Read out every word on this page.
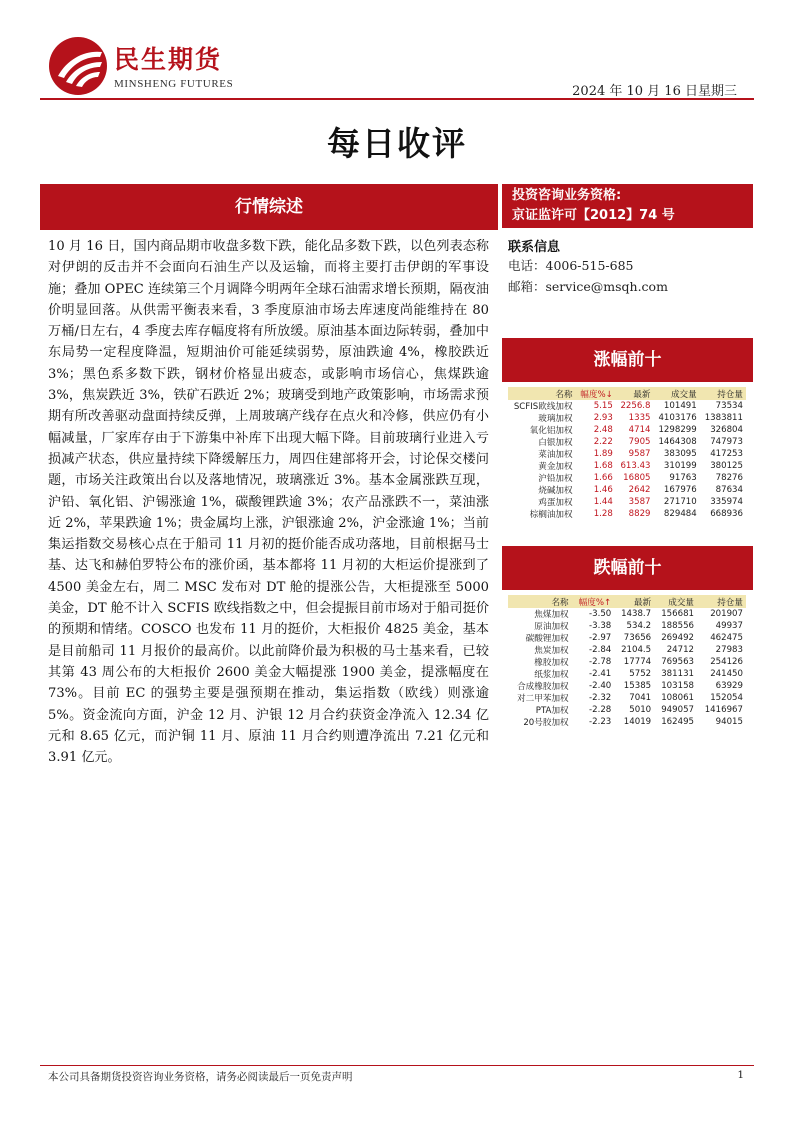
民生期货
MINSHENG FUTURES	2024 年 10 月 16 日星期三
每日收评
行情综述
10 月 16 日，国内商品期市收盘多数下跌，能化品多数下跌，以色列表态称对伊朗的反击并不会面向石油生产以及运输，而将主要打击伊朗的军事设施；叠加 OPEC 连续第三个月调降今明两年全球石油需求增长预期，隔夜油价明显回落。从供需平衡表来看，3 季度原油市场去库速度尚能维持在 80 万桶/日左右，4 季度去库存幅度将有所放缓。原油基本面边际转弱，叠加中东局势一定程度降温，短期油价可能延续弱势，原油跌逾 4%，橡胶跌近 3%；黑色系多数下跌，钢材价格显出疲态，或影响市场信心，焦煤跌逾 3%，焦炭跌近 3%，铁矿石跌近 2%；玻璃受到地产政策影响，市场需求预期有所改善驱动盘面持续反弹，上周玻璃产线存在点火和冷修，供应仍有小幅减量，厂家库存由于下游集中补库下出现大幅下降。目前玻璃行业进入亏损减产状态，供应量持续下降缓解压力，周四住建部将开会，讨论保交楼问题，市场关注政策出台以及落地情况，玻璃涨近 3%。基本金属涨跌互现，沪铅、氧化铝、沪锡涨逾 1%，碳酸锂跌逾 3%；农产品涨跌不一，菜油涨近 2%，苹果跌逾 1%；贵金属均上涨，沪银涨逾 2%，沪金涨逾 1%；当前集运指数交易核心点在于船司 11 月初的挺价能否成功落地，目前根据马士基、达飞和赫伯罗特公布的涨价函，基本都将 11 月初的大柜运价提涨到了 4500 美金左右，周二 MSC 发布对 DT 舱的提涨公告，大柜提涨至 5000 美金，DT 舱不计入 SCFIS 欧线指数之中，但会提振目前市场对于船司挺价的预期和情绪。COSCO 也发布 11 月的挺价，大柜报价 4825 美金，基本是目前船司 11 月报价的最高价。以此前降价最为积极的马士基来看，已较其第 43 周公布的大柜报价 2600 美金大幅提涨 1900 美金，提涨幅度在 73%。目前 EC 的强势主要是强预期在推动，集运指数（欧线）则涨逾 5%。资金流向方面，沪金 12 月、沪银 12 月合约获资金净流入 12.34 亿元和 8.65 亿元，而沪铜 11 月、原油 11 月合约则遭净流出 7.21 亿元和 3.91 亿元。
投资咨询业务资格:
京证监许可【2012】74 号
联系信息
电话：4006-515-685
邮箱：service@msqh.com
涨幅前十
名称	幅度%↓	最新	成交量	持仓量
SCFIS欧线加权	5.15	2256.8	101491	73534
玻璃加权	2.93	1335	4103176	1383811
氧化铝加权	2.48	4714	1298299	326804
白银加权	2.22	7905	1464308	747973
菜油加权	1.89	9587	383095	417253
黄金加权	1.68	613.43	310199	380125
沪铅加权	1.66	16805	91763	78276
烧碱加权	1.46	2642	167976	87634
鸡蛋加权	1.44	3587	271710	335974
棕榈油加权	1.28	8829	829484	668936
跌幅前十
名称	幅度%↑	最新	成交量	持仓量
焦煤加权	-3.50	1438.7	156681	201907
原油加权	-3.38	534.2	188556	49937
碳酸锂加权	-2.97	73656	269492	462475
焦炭加权	-2.84	2104.5	24712	27983
橡胶加权	-2.78	17774	769563	254126
纸浆加权	-2.41	5752	381131	241450
合成橡胶加权	-2.40	15385	103158	63929
对二甲苯加权	-2.32	7041	108061	152054
PTA加权	-2.28	5010	949057	1416967
20号胶加权	-2.23	14019	162495	94015
本公司具备期货投资咨询业务资格，请务必阅读最后一页免责声明	1
